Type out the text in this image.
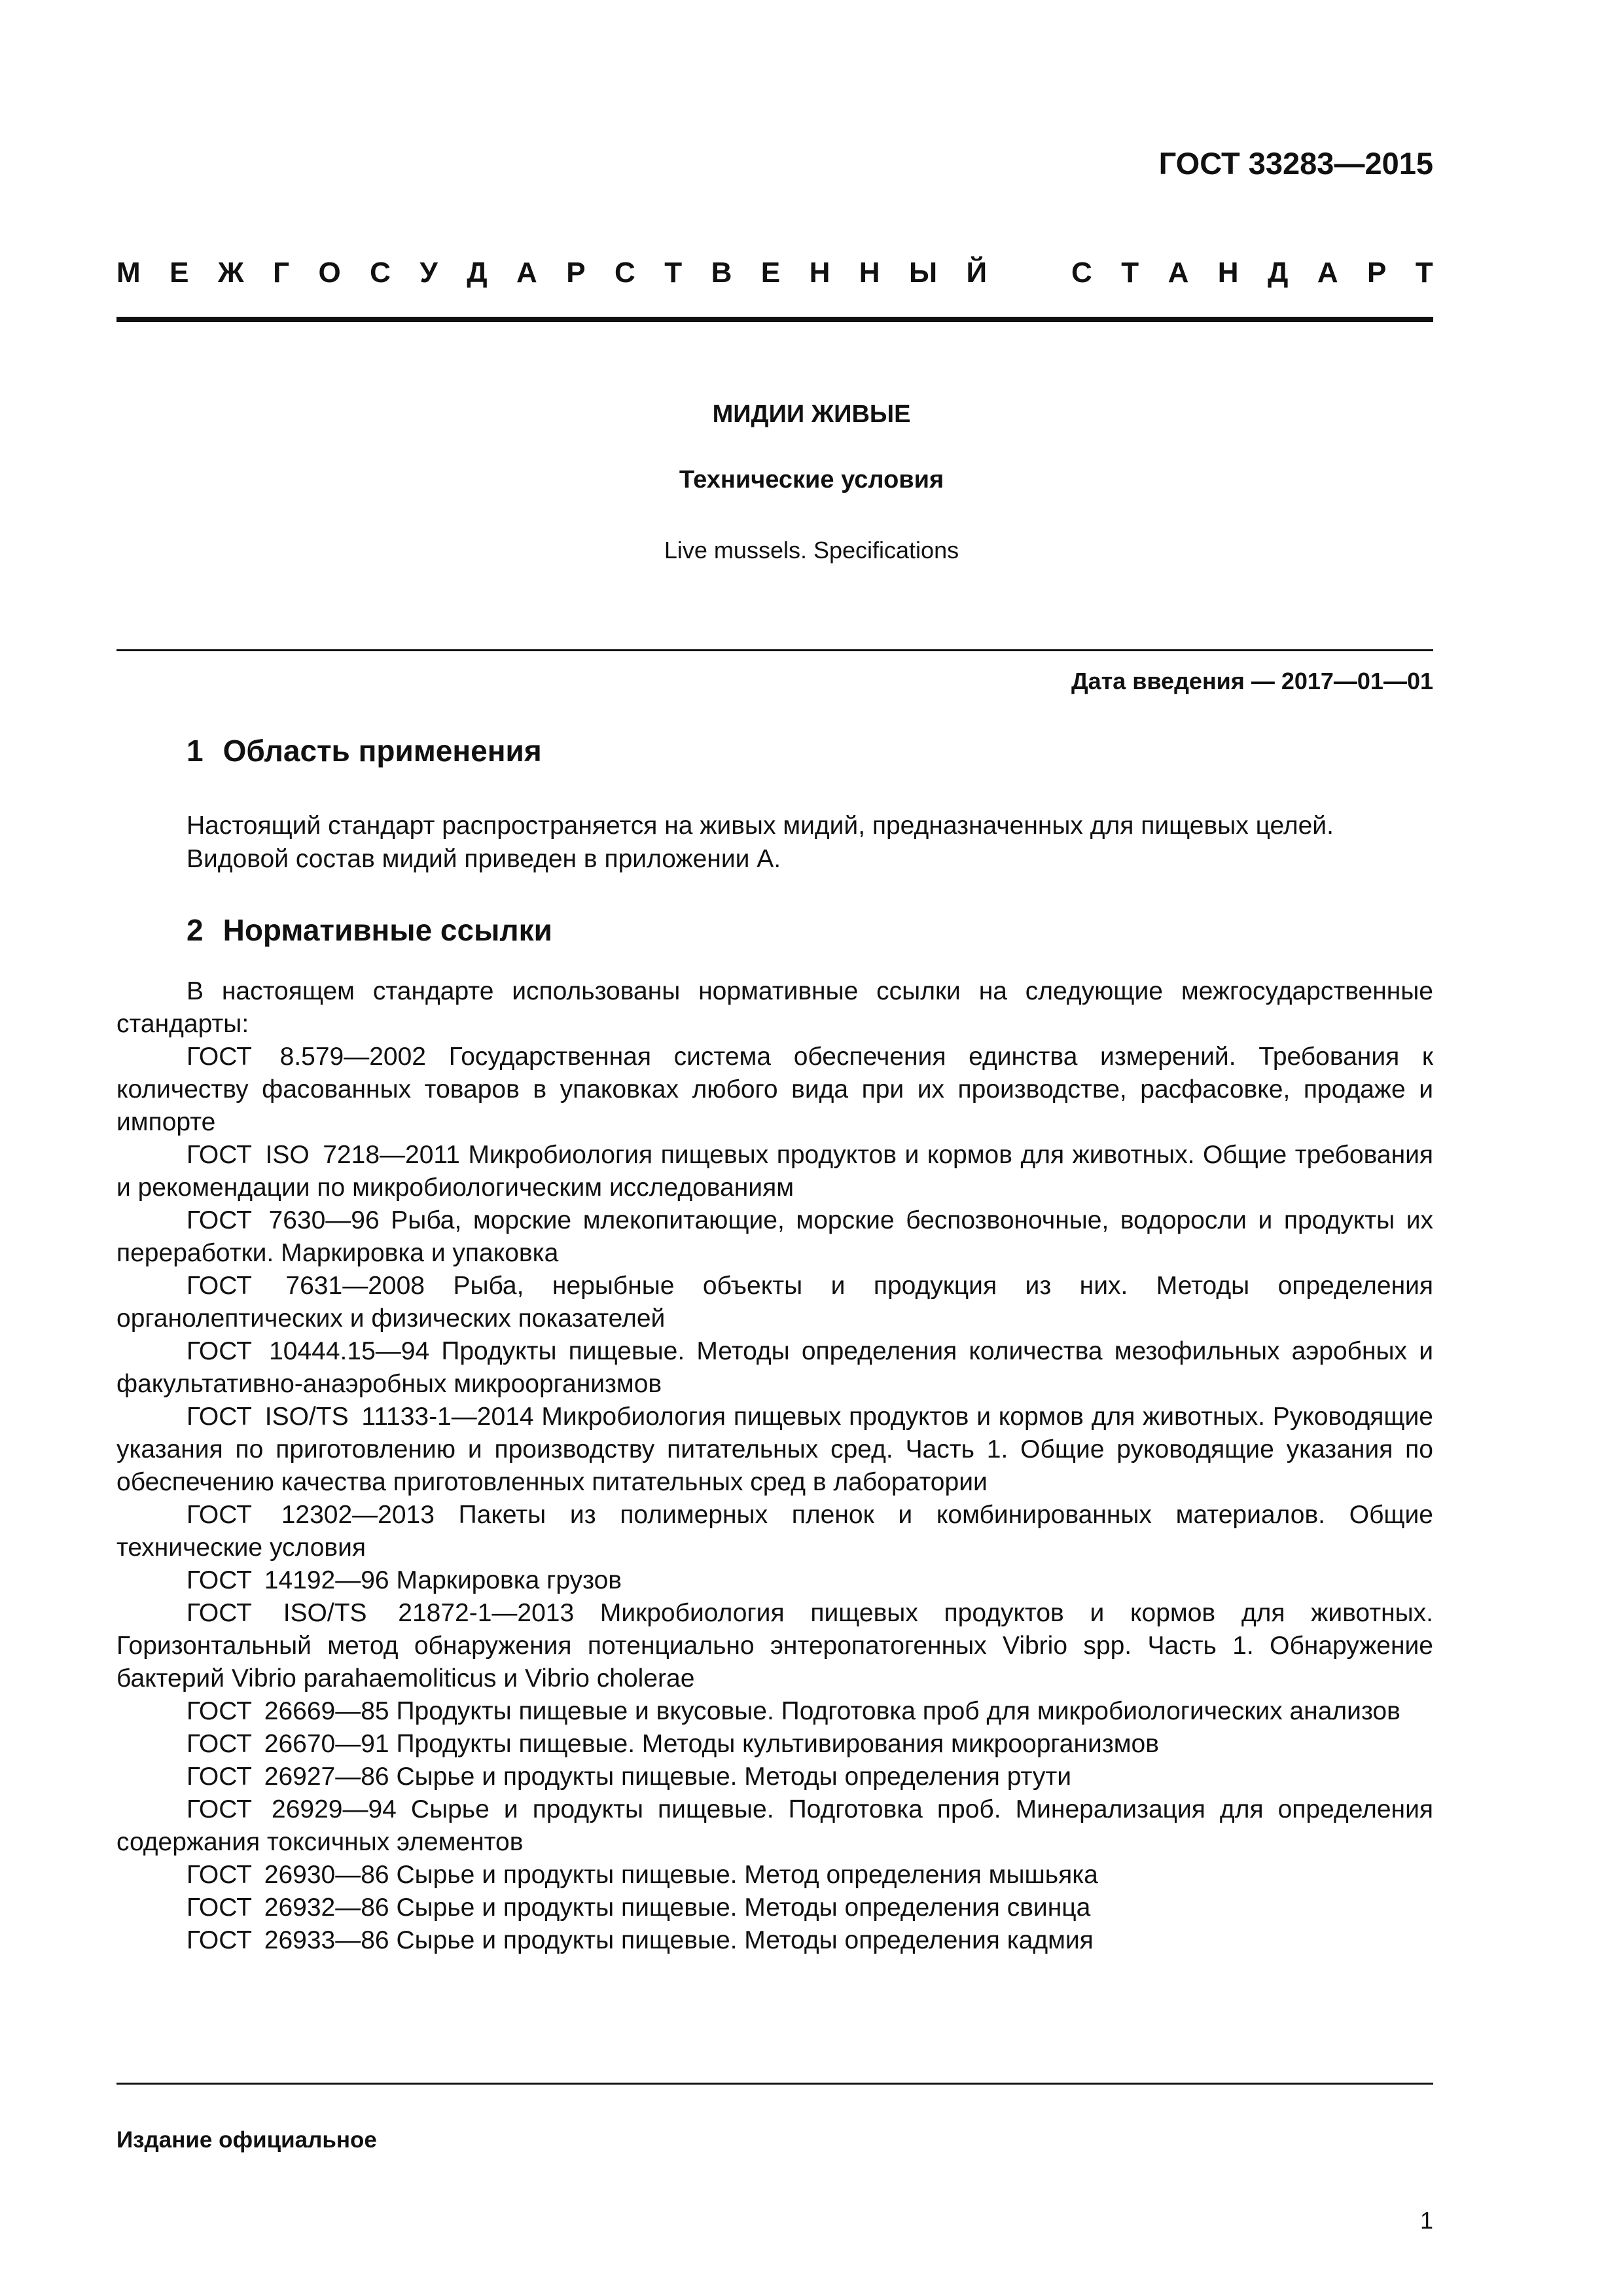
ГОСТ 33283—2015
М Е Ж Г О С У Д А Р С Т В Е Н Н Ы Й	С Т А Н Д А Р Т
МИДИИ ЖИВЫЕ
Технические условия
Live mussels. Specifications
Дата введения — 2017—01—01
1 Область применения

Настоящий стандарт распространяется на живых мидий, предназначенных для пищевых целей.

Видовой состав мидий приведен в приложении А.

2 Нормативные ссылки

В настоящем стандарте использованы нормативные ссылки на следующие межгосударственные стандарты:

ГОСТ 8.579—2002 Государственная система обеспечения единства измерений. Требования к количеству фасованных товаров в упаковках любого вида при их производстве, расфасовке, продаже и импорте

ГОСТ ISO 7218—2011 Микробиология пищевых продуктов и кормов для животных. Общие требования и рекомендации по микробиологическим исследованиям

ГОСТ 7630—96 Рыба, морские млекопитающие, морские беспозвоночные, водоросли и продукты их переработки. Маркировка и упаковка

ГОСТ 7631—2008 Рыба, нерыбные объекты и продукция из них. Методы определения органолептических и физических показателей

ГОСТ 10444.15—94 Продукты пищевые. Методы определения количества мезофильных аэробных и факультативно-анаэробных микроорганизмов

ГОСТ ISO/TS 11133-1—2014 Микробиология пищевых продуктов и кормов для животных. Руководящие указания по приготовлению и производству питательных сред. Часть 1. Общие руководящие указания по обеспечению качества приготовленных питательных сред в лаборатории

ГОСТ 12302—2013 Пакеты из полимерных пленок и комбинированных материалов. Общие технические условия

ГОСТ 14192—96 Маркировка грузов

ГОСТ ISO/TS 21872-1—2013 Микробиология пищевых продуктов и кормов для животных. Горизонтальный метод обнаружения потенциально энтеропатогенных Vibrio spp. Часть 1. Обнаружение бактерий Vibrio parahaemoliticus и Vibrio cholerae

ГОСТ 26669—85 Продукты пищевые и вкусовые. Подготовка проб для микробиологических анализов

ГОСТ 26670—91 Продукты пищевые. Методы культивирования микроорганизмов

ГОСТ 26927—86 Сырье и продукты пищевые. Методы определения ртути

ГОСТ 26929—94 Сырье и продукты пищевые. Подготовка проб. Минерализация для определения содержания токсичных элементов

ГОСТ 26930—86 Сырье и продукты пищевые. Метод определения мышьяка

ГОСТ 26932—86 Сырье и продукты пищевые. Методы определения свинца

ГОСТ 26933—86 Сырье и продукты пищевые. Методы определения кадмия

Издание официальное
1
